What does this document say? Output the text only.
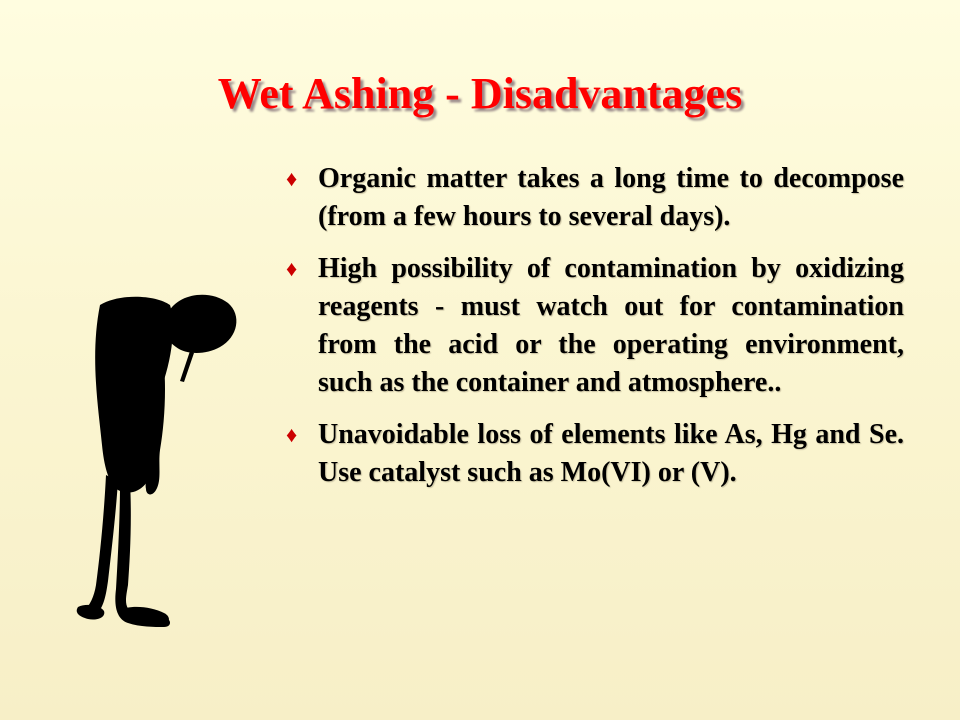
Wet Ashing - Disadvantages
♦ Organic matter takes a long time to decompose (from a few hours to several days).
♦ High possibility of contamination by oxidizing reagents - must watch out for contamination from the acid or the operating environment, such as the container and atmosphere..
♦ Unavoidable loss of elements like As, Hg and Se. Use catalyst such as Mo(VI) or (V).
